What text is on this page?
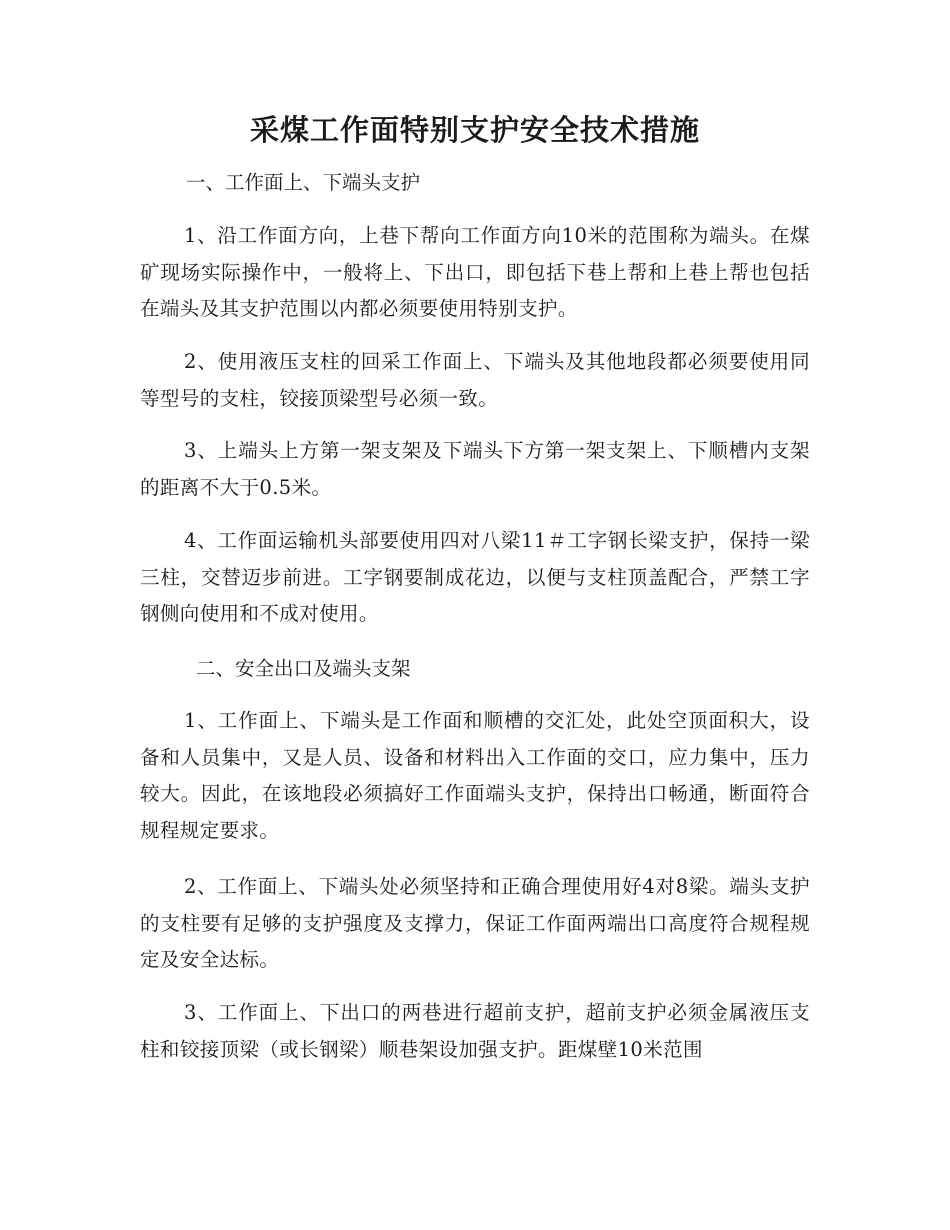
采煤工作面特别支护安全技术措施

一、工作面上、下端头支护

1、沿工作面方向，上巷下帮向工作面方向10米的范围称为端头。在煤矿现场实际操作中，一般将上、下出口，即包括下巷上帮和上巷上帮也包括在端头及其支护范围以内都必须要使用特别支护。

2、使用液压支柱的回采工作面上、下端头及其他地段都必须要使用同等型号的支柱，铰接顶梁型号必须一致。

3、上端头上方第一架支架及下端头下方第一架支架上、下顺槽内支架的距离不大于0.5米。

4、工作面运输机头部要使用四对八梁11＃工字钢长梁支护，保持一梁三柱，交替迈步前进。工字钢要制成花边，以便与支柱顶盖配合，严禁工字钢侧向使用和不成对使用。

二、安全出口及端头支架

1、工作面上、下端头是工作面和顺槽的交汇处，此处空顶面积大，设备和人员集中，又是人员、设备和材料出入工作面的交口，应力集中，压力较大。因此，在该地段必须搞好工作面端头支护，保持出口畅通，断面符合规程规定要求。

2、工作面上、下端头处必须坚持和正确合理使用好4对8梁。端头支护的支柱要有足够的支护强度及支撑力，保证工作面两端出口高度符合规程规定及安全达标。

3、工作面上、下出口的两巷进行超前支护，超前支护必须金属液压支柱和铰接顶梁（或长钢梁）顺巷架设加强支护。距煤壁10米范围
